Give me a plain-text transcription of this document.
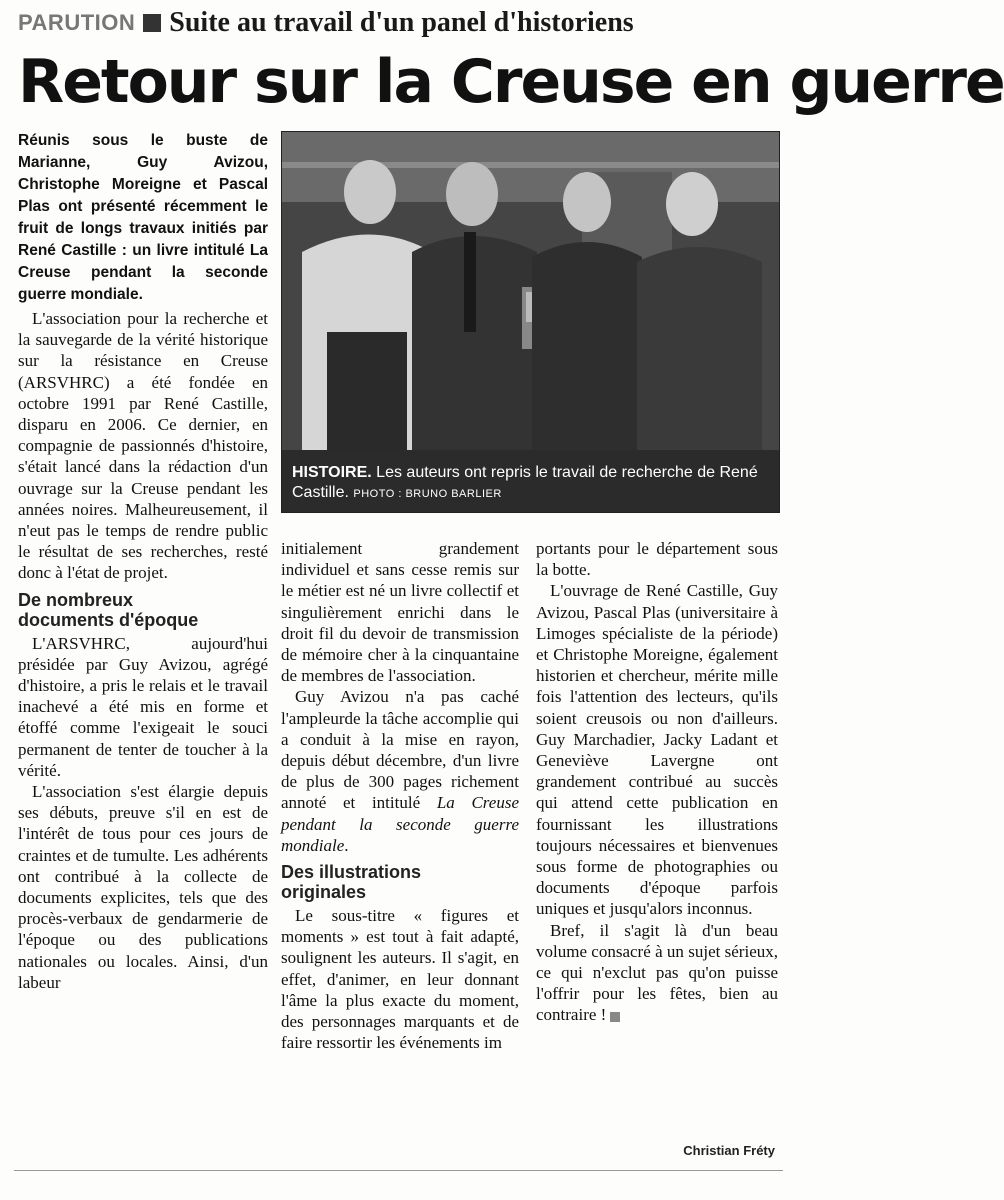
PARUTION Suite au travail d'un panel d'historiens
Retour sur la Creuse en guerre

Réunis sous le buste de Marianne, Guy Avizou, Christophe Moreigne et Pascal Plas ont présenté récemment le fruit de longs travaux initiés par René Castille : un livre intitulé La Creuse pendant la seconde guerre mondiale.

L'association pour la recherche et la sauvegarde de la vérité historique sur la résistance en Creuse (ARSVHRC) a été fondée en octobre 1991 par René Castille, disparu en 2006. Ce dernier, en compagnie de passionnés d'histoire, s'était lancé dans la rédaction d'un ouvrage sur la Creuse pendant les années noires. Malheureusement, il n'eut pas le temps de rendre public le résultat de ses recherches, resté donc à l'état de projet.

De nombreux
documents d'époque

L'ARSVHRC, aujourd'hui présidée par Guy Avizou, agrégé d'histoire, a pris le relais et le travail inachevé a été mis en forme et étoffé comme l'exigeait le souci permanent de tenter de toucher à la vérité.

L'association s'est élargie depuis ses débuts, preuve s'il en est de l'intérêt de tous pour ces jours de craintes et de tumulte. Les adhérents ont contribué à la collecte de documents explicites, tels que des procès-verbaux de gendarmerie de l'époque ou des publications nationales ou locales. Ainsi, d'un labeur

HISTOIRE. Les auteurs ont repris le travail de recherche de René Castille. PHOTO : BRUNO BARLIER

initialement grandement individuel et sans cesse remis sur le métier est né un livre collectif et singulièrement enrichi dans le droit fil du devoir de transmission de mémoire cher à la cinquantaine de membres de l'association.

Guy Avizou n'a pas caché l'ampleurde la tâche accomplie qui a conduit à la mise en rayon, depuis début décembre, d'un livre de plus de 300 pages richement annoté et intitulé La Creuse pendant la seconde guerre mondiale.

Des illustrations
originales

Le sous-titre « figures et moments » est tout à fait adapté, soulignent les auteurs. Il s'agit, en effet, d'animer, en leur donnant l'âme la plus exacte du moment, des personnages marquants et de faire ressortir les événements im

portants pour le département sous la botte.

L'ouvrage de René Castille, Guy Avizou, Pascal Plas (universitaire à Limoges spécialiste de la période) et Christophe Moreigne, également historien et chercheur, mérite mille fois l'attention des lecteurs, qu'ils soient creusois ou non d'ailleurs. Guy Marchadier, Jacky Ladant et Geneviève Lavergne ont grandement contribué au succès qui attend cette publication en fournissant les illustrations toujours nécessaires et bienvenues sous forme de photographies ou documents d'époque parfois uniques et jusqu'alors inconnus.

Bref, il s'agit là d'un beau volume consacré à un sujet sérieux, ce qui n'exclut pas qu'on puisse l'offrir pour les fêtes, bien au contraire !

Christian Fréty
